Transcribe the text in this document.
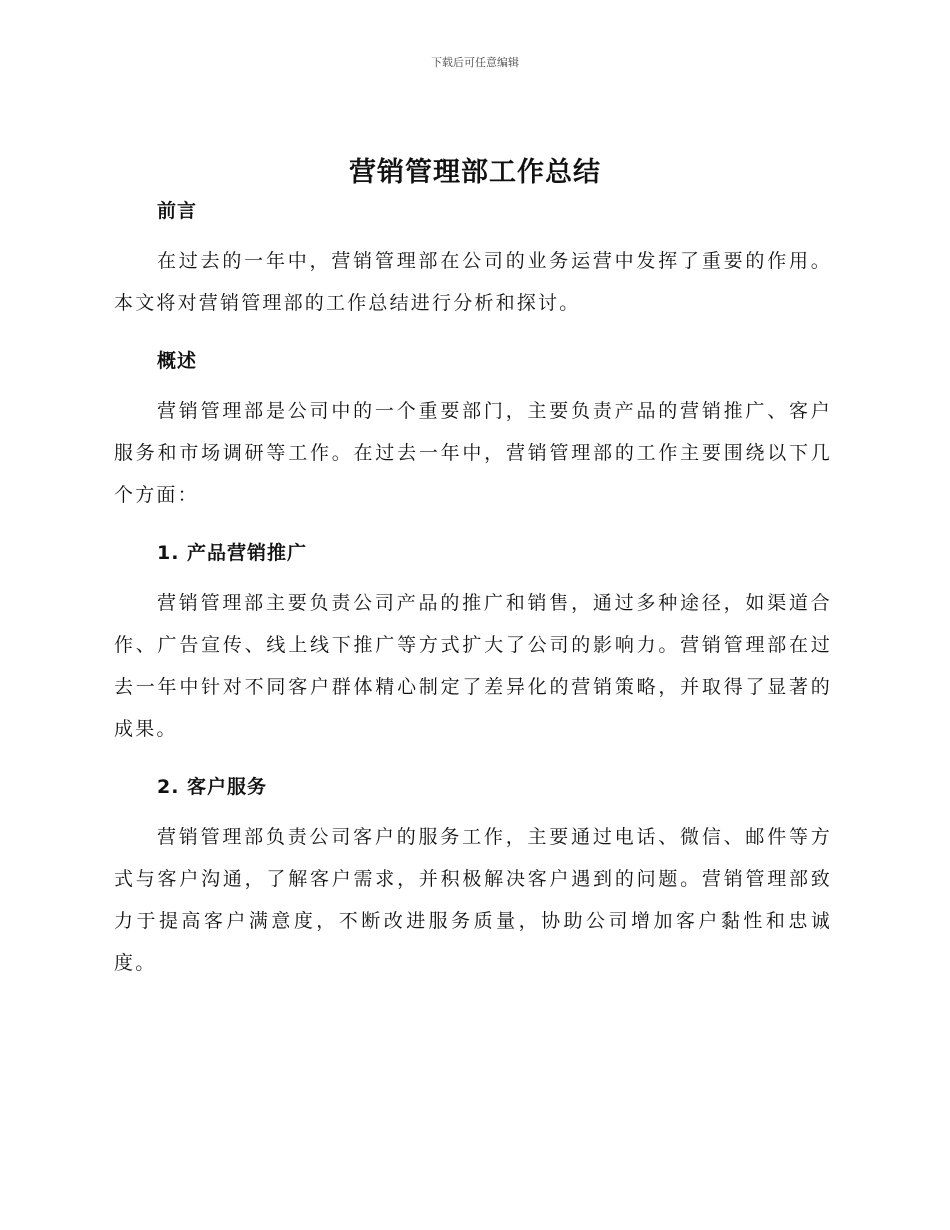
下载后可任意编辑
营销管理部工作总结
前言

在过去的一年中，营销管理部在公司的业务运营中发挥了重要的作用。本文将对营销管理部的工作总结进行分析和探讨。

概述

营销管理部是公司中的一个重要部门，主要负责产品的营销推广、客户服务和市场调研等工作。在过去一年中，营销管理部的工作主要围绕以下几个方面：

1. 产品营销推广

营销管理部主要负责公司产品的推广和销售，通过多种途径，如渠道合作、广告宣传、线上线下推广等方式扩大了公司的影响力。营销管理部在过去一年中针对不同客户群体精心制定了差异化的营销策略，并取得了显著的成果。

2. 客户服务

营销管理部负责公司客户的服务工作，主要通过电话、微信、邮件等方式与客户沟通，了解客户需求，并积极解决客户遇到的问题。营销管理部致力于提高客户满意度，不断改进服务质量，协助公司增加客户黏性和忠诚度。
